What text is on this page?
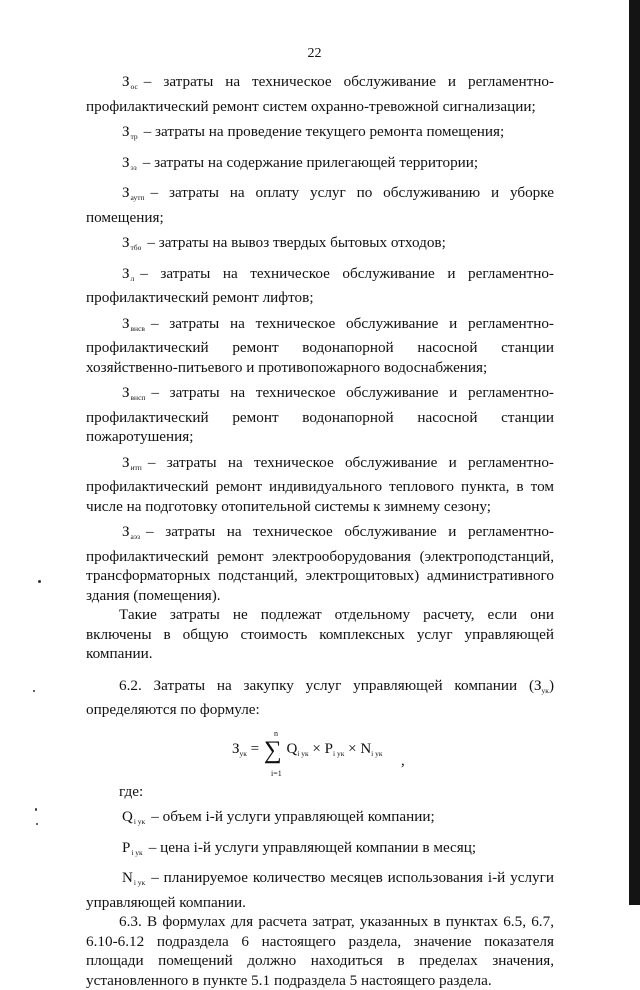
22

$З_{ос}$ – затраты на техническое обслуживание и регламентно-профилактический ремонт систем охранно-тревожной сигнализации;

$З_{тр}$ – затраты на проведение текущего ремонта помещения;

$З_{эз}$ – затраты на содержание прилегающей территории;

$З_{аутп}$ – затраты на оплату услуг по обслуживанию и уборке помещения;

$З_{тбо}$ – затраты на вывоз твердых бытовых отходов;

$З_л$ – затраты на техническое обслуживание и регламентно-профилактический ремонт лифтов;

$З_{внсв}$ – затраты на техническое обслуживание и регламентно-профилактический ремонт водонапорной насосной станции хозяйственно-питьевого и противопожарного водоснабжения;

$З_{внсп}$ – затраты на техническое обслуживание и регламентно-профилактический ремонт водонапорной насосной станции пожаротушения;

$З_{итп}$ – затраты на техническое обслуживание и регламентно-профилактический ремонт индивидуального теплового пункта, в том числе на подготовку отопительной системы к зимнему сезону;

$З_{аэз}$ – затраты на техническое обслуживание и регламентно-профилактический ремонт электрооборудования (электроподстанций, трансформаторных подстанций, электрощитовых) административного здания (помещения).

Такие затраты не подлежат отдельному расчету, если они включены в общую стоимость комплексных услуг управляющей компании.

6.2. Затраты на закупку услуг управляющей компании $(З_{ук})$ определяются по формуле:

n
$З_{ук}$ = ∑ $Q_{i ук} \times P_{i ук} \times N_{i ук}$
i=1
,

где:

$Q_{i ук}$ – объем i-й услуги управляющей компании;

$P_{i ук}$ – цена i-й услуги управляющей компании в месяц;

$N_{i ук}$ – планируемое количество месяцев использования i-й услуги управляющей компании.

6.3. В формулах для расчета затрат, указанных в пунктах 6.5, 6.7, 6.10-6.12 подраздела 6 настоящего раздела, значение показателя площади помещений должно находиться в пределах значения, установленного в пункте 5.1 подраздела 5 настоящего раздела.
